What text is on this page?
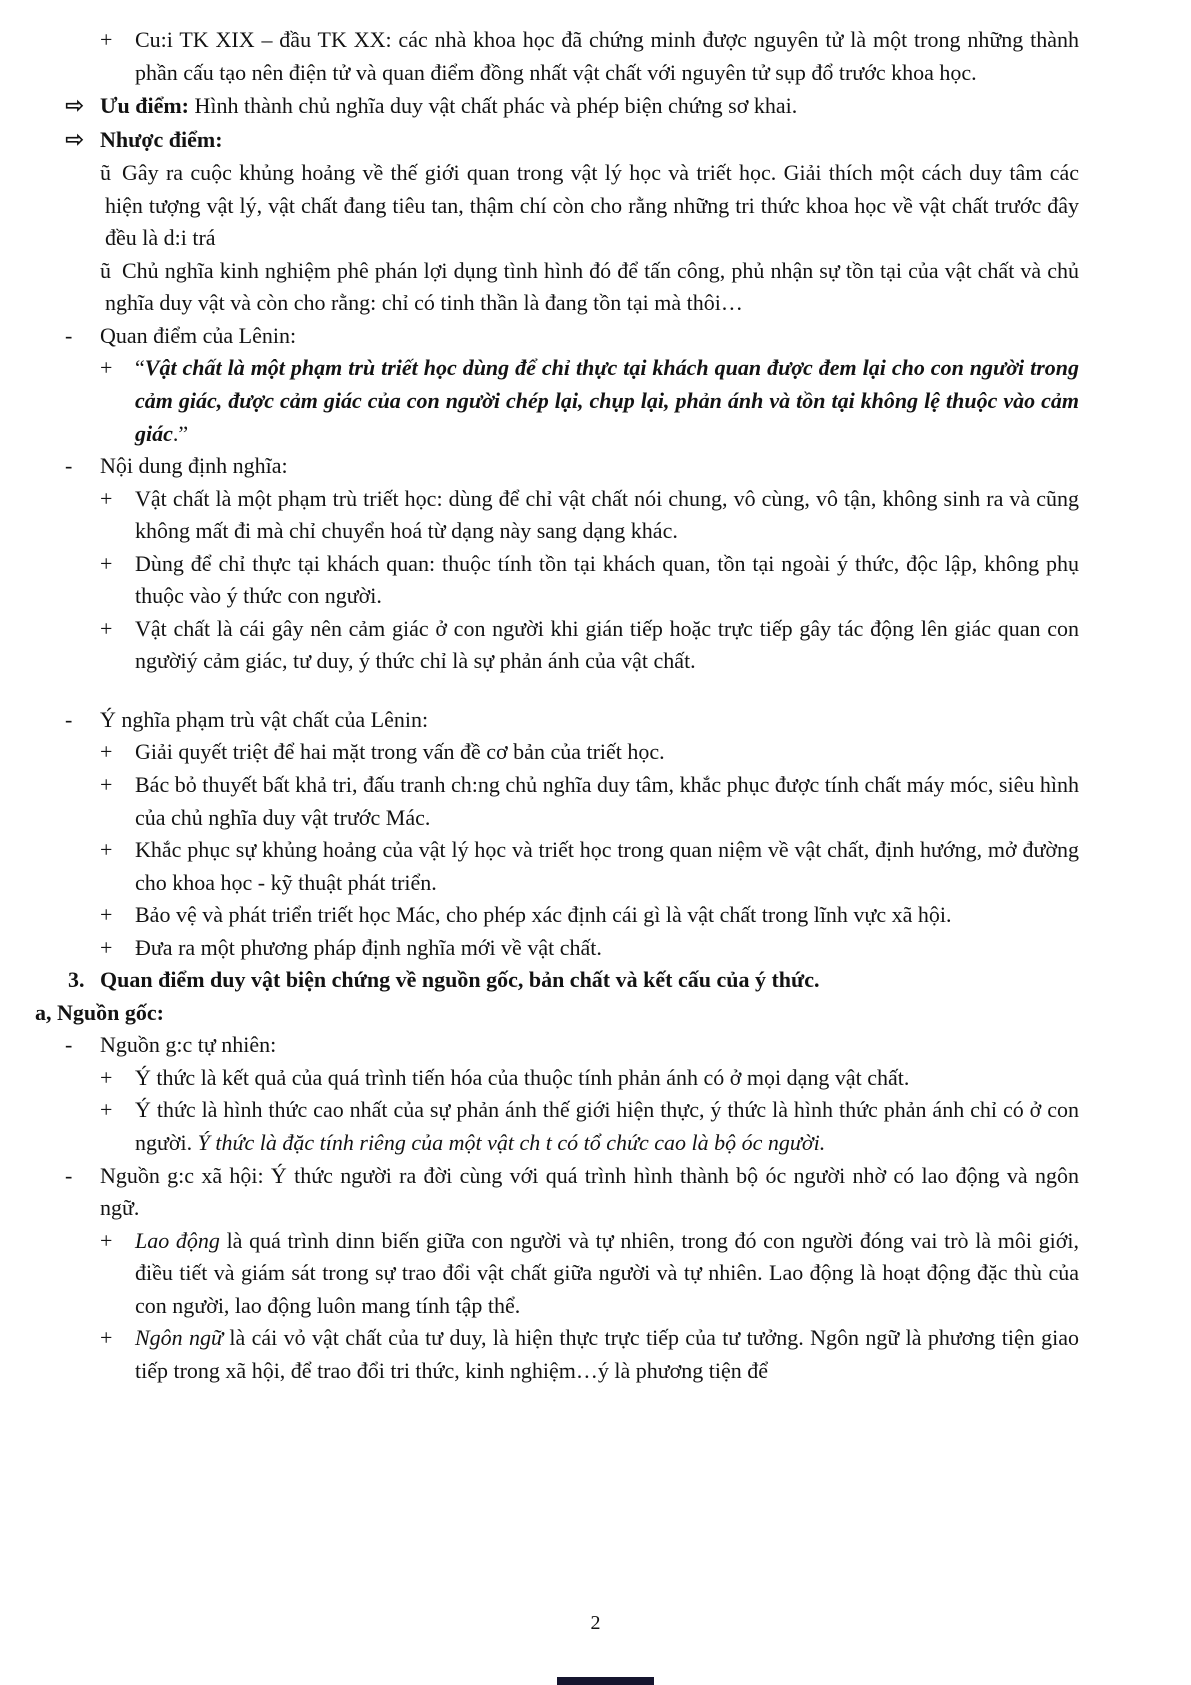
+ Cu:i TK XIX – đầu TK XX: các nhà khoa học đã chứng minh được nguyên tử là một trong những thành phần cấu tạo nên điện tử và quan điểm đồng nhất vật chất với nguyên tử sụp đổ trước khoa học.
⇨ Ưu điểm: Hình thành chủ nghĩa duy vật chất phác và phép biện chứng sơ khai.
⇨ Nhược điểm:
ũ Gây ra cuộc khủng hoảng về thế giới quan trong vật lý học và triết học. Giải thích một cách duy tâm các hiện tượng vật lý, vật chất đang tiêu tan, thậm chí còn cho rằng những tri thức khoa học về vật chất trước đây đều là d:i trá
ũ Chủ nghĩa kinh nghiệm phê phán lợi dụng tình hình đó để tấn công, phủ nhận sự tồn tại của vật chất và chủ nghĩa duy vật và còn cho rằng: chỉ có tinh thần là đang tồn tại mà thôi…
- Quan điểm của Lênin:
+ “Vật chất là một phạm trù triết học dùng để chỉ thực tại khách quan được đem lại cho con người trong cảm giác, được cảm giác của con người chép lại, chụp lại, phản ánh và tồn tại không lệ thuộc vào cảm giác.”
- Nội dung định nghĩa:
+ Vật chất là một phạm trù triết học: dùng để chỉ vật chất nói chung, vô cùng, vô tận, không sinh ra và cũng không mất đi mà chỉ chuyển hoá từ dạng này sang dạng khác.
+ Dùng để chỉ thực tại khách quan: thuộc tính tồn tại khách quan, tồn tại ngoài ý thức, độc lập, không phụ thuộc vào ý thức con người.
+ Vật chất là cái gây nên cảm giác ở con người khi gián tiếp hoặc trực tiếp gây tác động lên giác quan con ngườiý cảm giác, tư duy, ý thức chỉ là sự phản ánh của vật chất.
- Ý nghĩa phạm trù vật chất của Lênin:
+ Giải quyết triệt để hai mặt trong vấn đề cơ bản của triết học.
+ Bác bỏ thuyết bất khả tri, đấu tranh ch:ng chủ nghĩa duy tâm, khắc phục được tính chất máy móc, siêu hình của chủ nghĩa duy vật trước Mác.
+ Khắc phục sự khủng hoảng của vật lý học và triết học trong quan niệm về vật chất, định hướng, mở đường cho khoa học - kỹ thuật phát triển.
+ Bảo vệ và phát triển triết học Mác, cho phép xác định cái gì là vật chất trong lĩnh vực xã hội.
+ Đưa ra một phương pháp định nghĩa mới về vật chất.
3. Quan điểm duy vật biện chứng về nguồn gốc, bản chất và kết cấu của ý thức.
a, Nguồn gốc:
- Nguồn g:c tự nhiên:
+ Ý thức là kết quả của quá trình tiến hóa của thuộc tính phản ánh có ở mọi dạng vật chất.
+ Ý thức là hình thức cao nhất của sự phản ánh thế giới hiện thực, ý thức là hình thức phản ánh chỉ có ở con người. Ý thức là đặc tính riêng của một vật ch t có tổ chức cao là bộ óc người.
- Nguồn g:c xã hội: Ý thức người ra đời cùng với quá trình hình thành bộ óc người nhờ có lao động và ngôn ngữ.
+ Lao động là quá trình dinn biến giữa con người và tự nhiên, trong đó con người đóng vai trò là môi giới, điều tiết và giám sát trong sự trao đổi vật chất giữa người và tự nhiên. Lao động là hoạt động đặc thù của con người, lao động luôn mang tính tập thể.
+ Ngôn ngữ là cái vỏ vật chất của tư duy, là hiện thực trực tiếp của tư tưởng. Ngôn ngữ là phương tiện giao tiếp trong xã hội, để trao đổi tri thức, kinh nghiệm…ý là phương tiện để
2
